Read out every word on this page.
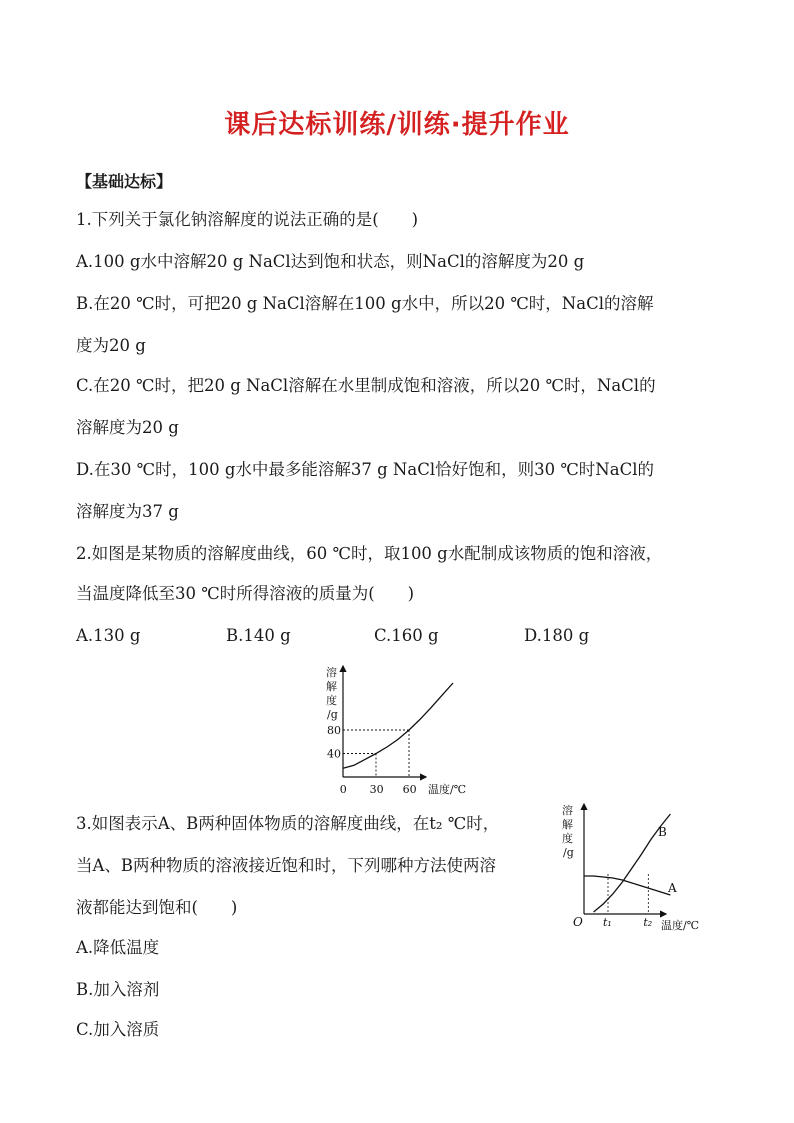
课后达标训练/训练·提升作业
【基础达标】
1.下列关于氯化钠溶解度的说法正确的是(　　)
A.100 g水中溶解20 g NaCl达到饱和状态，则NaCl的溶解度为20 g
B.在20 ℃时，可把20 g NaCl溶解在100 g水中，所以20 ℃时，NaCl的溶解
度为20 g
C.在20 ℃时，把20 g NaCl溶解在水里制成饱和溶液，所以20 ℃时，NaCl的
溶解度为20 g
D.在30 ℃时，100 g水中最多能溶解37 g NaCl恰好饱和，则30 ℃时NaCl的
溶解度为37 g
2.如图是某物质的溶解度曲线，60 ℃时，取100 g水配制成该物质的饱和溶液，
当温度降低至30 ℃时所得溶液的质量为(　　)
A.130 g	B.140 g	C.160 g	D.180 g
溶
解
度
/g
0 30 60
40
80
温度/℃
3.如图表示A、B两种固体物质的溶解度曲线，在t₂ ℃时，
当A、B两种物质的溶液接近饱和时，下列哪种方法使两溶
液都能达到饱和(　　)
A.降低温度
B.加入溶剂
C.加入溶质
溶
解
度
/g
O t₁	t₂
A
B
温度/℃
